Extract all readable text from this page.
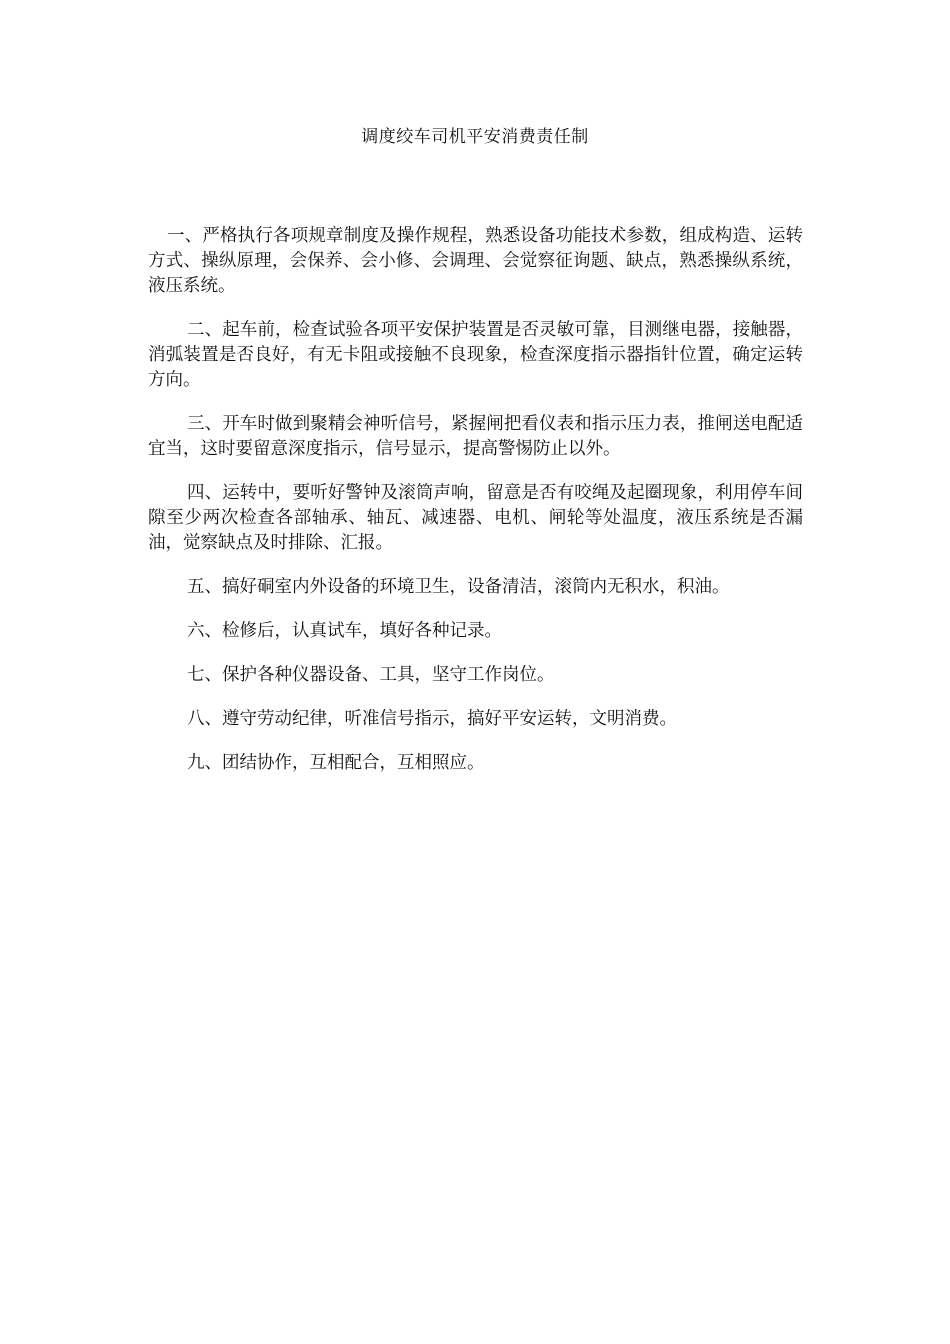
调度绞车司机平安消费责任制

一、严格执行各项规章制度及操作规程，熟悉设备功能技术参数，组成构造、运转方式、操纵原理，会保养、会小修、会调理、会觉察征询题、缺点，熟悉操纵系统，液压系统。

二、起车前，检查试验各项平安保护装置是否灵敏可靠，目测继电器，接触器，消弧装置是否良好，有无卡阻或接触不良现象，检查深度指示器指针位置，确定运转方向。

三、开车时做到聚精会神听信号，紧握闸把看仪表和指示压力表，推闸送电配适宜当，这时要留意深度指示，信号显示，提高警惕防止以外。

四、运转中，要听好警钟及滚筒声响，留意是否有咬绳及起圈现象，利用停车间隙至少两次检查各部轴承、轴瓦、减速器、电机、闸轮等处温度，液压系统是否漏油，觉察缺点及时排除、汇报。

五、搞好硐室内外设备的环境卫生，设备清洁，滚筒内无积水，积油。

六、检修后，认真试车，填好各种记录。

七、保护各种仪器设备、工具，坚守工作岗位。

八、遵守劳动纪律，听准信号指示，搞好平安运转，文明消费。

九、团结协作，互相配合，互相照应。
